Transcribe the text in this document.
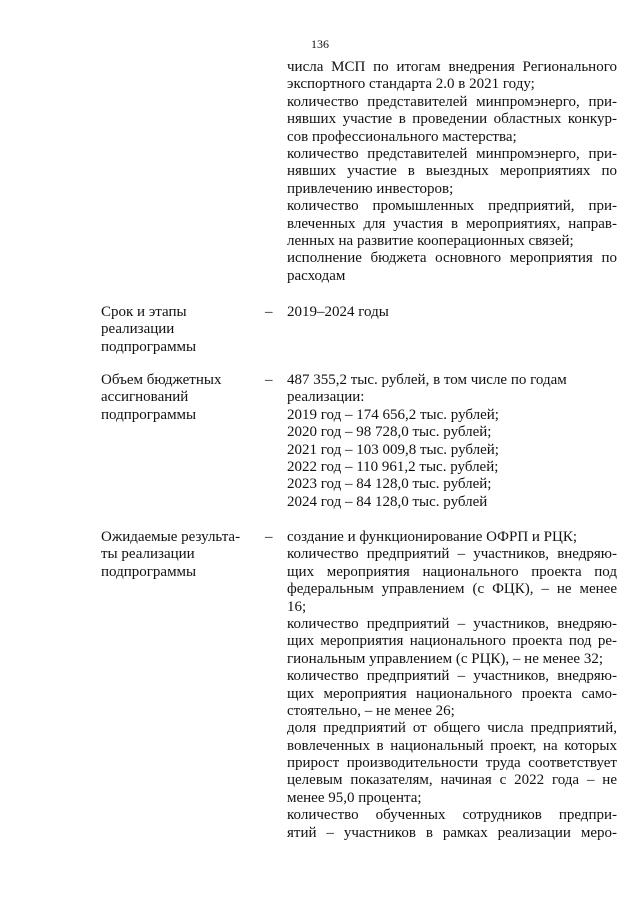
136
числа МСП по итогам внедрения Регионального
экспортного стандарта 2.0 в 2021 году;
количество представителей минпромэнерго, при-
нявших участие в проведении областных конкур-
сов профессионального мастерства;
количество представителей минпромэнерго, при-
нявших участие в выездных мероприятиях по
привлечению инвесторов;
количество промышленных предприятий, при-
влеченных для участия в мероприятиях, направ-
ленных на развитие кооперационных связей;
исполнение бюджета основного мероприятия по
расходам
Срок и этапы
реализации
подпрограммы
– 2019–2024 годы
Объем бюджетных
ассигнований
подпрограммы
– 487 355,2 тыс. рублей, в том числе по годам
реализации:
2019 год – 174 656,2 тыс. рублей;
2020 год – 98 728,0 тыс. рублей;
2021 год – 103 009,8 тыс. рублей;
2022 год – 110 961,2 тыс. рублей;
2023 год – 84 128,0 тыс. рублей;
2024 год – 84 128,0 тыс. рублей
Ожидаемые результа-
ты реализации
подпрограммы
– создание и функционирование ОФРП и РЦК;
количество предприятий – участников, внедряю-
щих мероприятия национального проекта под
федеральным управлением (с ФЦК), – не менее
16;
количество предприятий – участников, внедряю-
щих мероприятия национального проекта под ре-
гиональным управлением (с РЦК), – не менее 32;
количество предприятий – участников, внедряю-
щих мероприятия национального проекта само-
стоятельно, – не менее 26;
доля предприятий от общего числа предприятий,
вовлеченных в национальный проект, на которых
прирост производительности труда соответствует
целевым показателям, начиная с 2022 года – не
менее 95,0 процента;
количество обученных сотрудников предпри-
ятий – участников в рамках реализации меро-
